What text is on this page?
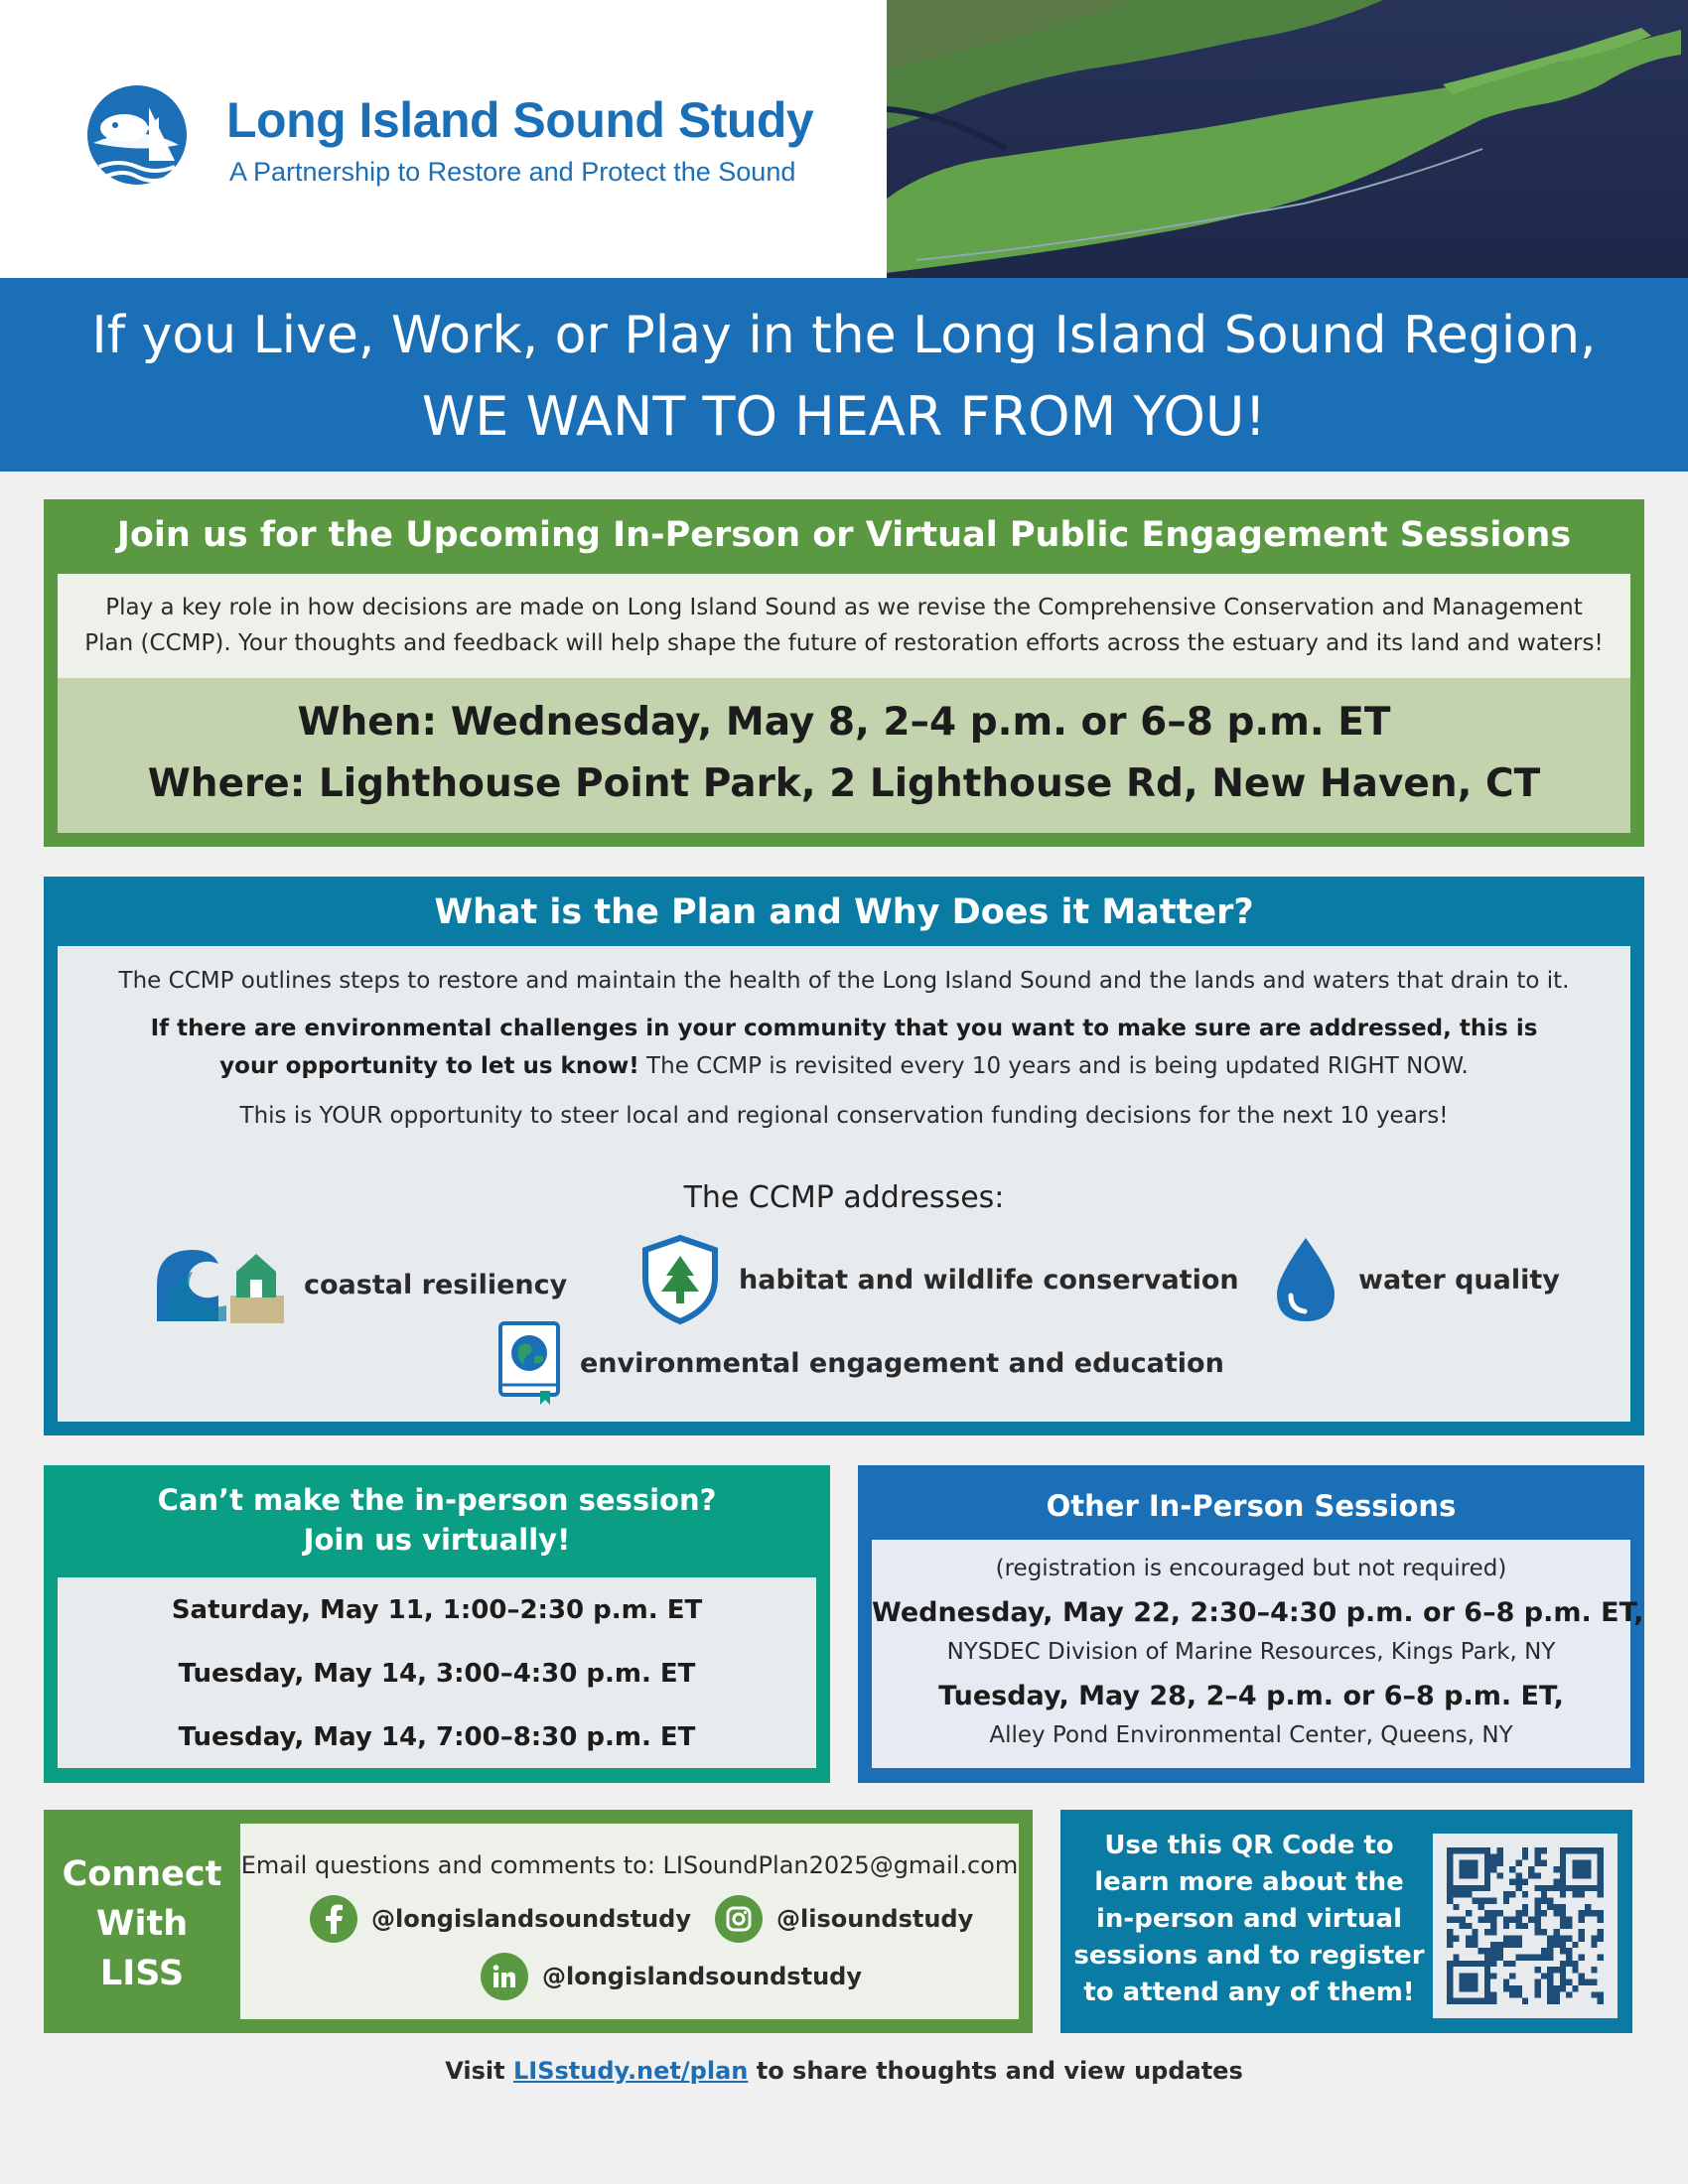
Long Island Sound Study
A Partnership to Restore and Protect the Sound
If you Live, Work, or Play in the Long Island Sound Region,
WE WANT TO HEAR FROM YOU!
Join us for the Upcoming In-Person or Virtual Public Engagement Sessions
Play a key role in how decisions are made on Long Island Sound as we revise the Comprehensive Conservation and Management
Plan (CCMP). Your thoughts and feedback will help shape the future of restoration efforts across the estuary and its land and waters!
When: Wednesday, May 8, 2–4 p.m. or 6–8 p.m. ET
Where: Lighthouse Point Park, 2 Lighthouse Rd, New Haven, CT
What is the Plan and Why Does it Matter?
The CCMP outlines steps to restore and maintain the health of the Long Island Sound and the lands and waters that drain to it.
If there are environmental challenges in your community that you want to make sure are addressed, this is
your opportunity to let us know! The CCMP is revisited every 10 years and is being updated RIGHT NOW.
This is YOUR opportunity to steer local and regional conservation funding decisions for the next 10 years!
The CCMP addresses:
coastal resiliency	habitat and wildlife conservation	water quality
environmental engagement and education
Can’t make the in-person session?
Join us virtually!
Saturday, May 11, 1:00–2:30 p.m. ET
Tuesday, May 14, 3:00–4:30 p.m. ET
Tuesday, May 14, 7:00–8:30 p.m. ET
Other In-Person Sessions
(registration is encouraged but not required)
Wednesday, May 22, 2:30–4:30 p.m. or 6–8 p.m. ET,
NYSDEC Division of Marine Resources, Kings Park, NY
Tuesday, May 28, 2–4 p.m. or 6–8 p.m. ET,
Alley Pond Environmental Center, Queens, NY
Connect
With
LISS
Email questions and comments to: LISoundPlan2025@gmail.com
@longislandsoundstudy	@lisoundstudy
@longislandsoundstudy
Use this QR Code to
learn more about the
in-person and virtual
sessions and to register
to attend any of them!
Visit LISstudy.net/plan to share thoughts and view updates
